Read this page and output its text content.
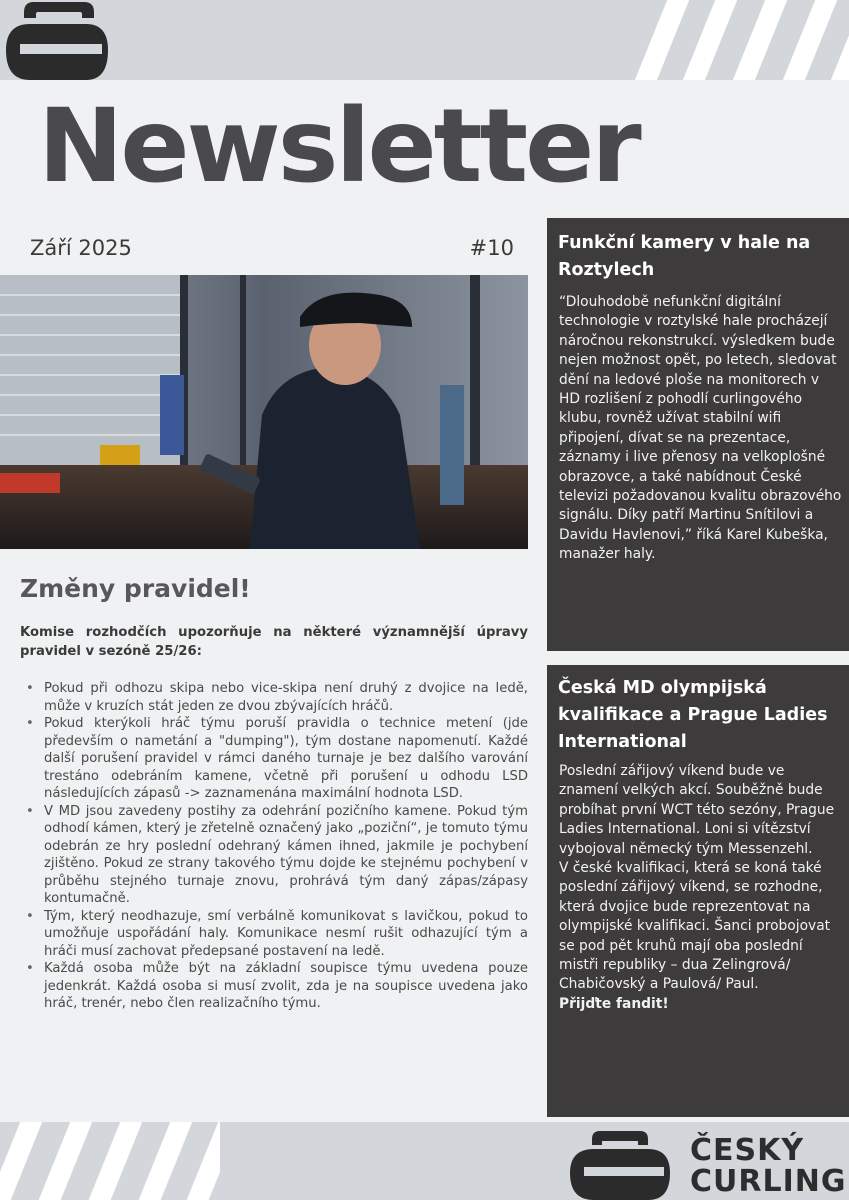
Newsletter
Září 2025	#10
Změny pravidel!
Komise rozhodčích upozorňuje na některé významnější úpravy pravidel v sezóně 25/26:
• Pokud při odhozu skipa nebo vice-skipa není druhý z dvojice na ledě, může v kruzích stát jeden ze dvou zbývajících hráčů.
• Pokud kterýkoli hráč týmu poruší pravidla o technice metení (jde především o nametání a "dumping"), tým dostane napomenutí. Každé další porušení pravidel v rámci daného turnaje je bez dalšího varování trestáno odebráním kamene, včetně při porušení u odhodu LSD následujících zápasů -> zaznamenána maximální hodnota LSD.
• V MD jsou zavedeny postihy za odehrání pozičního kamene. Pokud tým odhodí kámen, který je zřetelně označený jako „poziční“, je tomuto týmu odebrán ze hry poslední odehraný kámen ihned, jakmile je pochybení zjištěno. Pokud ze strany takového týmu dojde ke stejnému pochybení v průběhu stejného turnaje znovu, prohrává tým daný zápas/zápasy kontumačně.
• Tým, který neodhazuje, smí verbálně komunikovat s lavičkou, pokud to umožňuje uspořádání haly. Komunikace nesmí rušit odhazující tým a hráči musí zachovat předepsané postavení na ledě.
• Každá osoba může být na základní soupisce týmu uvedena pouze jedenkrát. Každá osoba si musí zvolit, zda je na soupisce uvedena jako hráč, trenér, nebo člen realizačního týmu.
Funkční kamery v hale na Roztylech

“Dlouhodobě nefunkční digitální technologie v roztylské hale procházejí náročnou rekonstrukcí. výsledkem bude nejen možnost opět, po letech, sledovat dění na ledové ploše na monitorech v HD rozlišení z pohodlí curlingového klubu, rovněž užívat stabilní wifi připojení, dívat se na prezentace, záznamy i live přenosy na velkoplošné obrazovce, a také nabídnout České televizi požadovanou kvalitu obrazového signálu. Díky patří Martinu Snítilovi a Davidu Havlenovi,” říká Karel Kubeška, manažer haly.

Česká MD olympijská kvalifikace a Prague Ladies International

Poslední zářijový víkend bude ve znamení velkých akcí. Souběžně bude probíhat první WCT této sezóny, Prague Ladies International. Loni si vítězství vybojoval německý tým Messenzehl.

V české kvalifikaci, která se koná také poslední zářijový víkend, se rozhodne, která dvojice bude reprezentovat na olympijské kvalifikaci. Šanci probojovat se pod pět kruhů mají oba poslední mistři republiky – dua Zelingrová/ Chabičovský a Paulová/ Paul.

Přijďte fandit!

ČESKÝ
CURLING
